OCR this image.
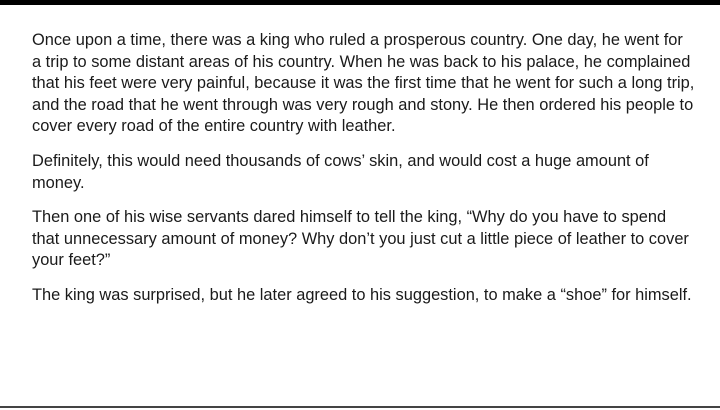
Once upon a time, there was a king who ruled a prosperous country. One day, he went for a trip to some distant areas of his country. When he was back to his palace, he complained that his feet were very painful, because it was the first time that he went for such a long trip, and the road that he went through was very rough and stony. He then ordered his people to cover every road of the entire country with leather.

Definitely, this would need thousands of cows’ skin, and would cost a huge amount of money.

Then one of his wise servants dared himself to tell the king, “Why do you have to spend that unnecessary amount of money? Why don’t you just cut a little piece of leather to cover your feet?”

The king was surprised, but he later agreed to his suggestion, to make a “shoe” for himself.
